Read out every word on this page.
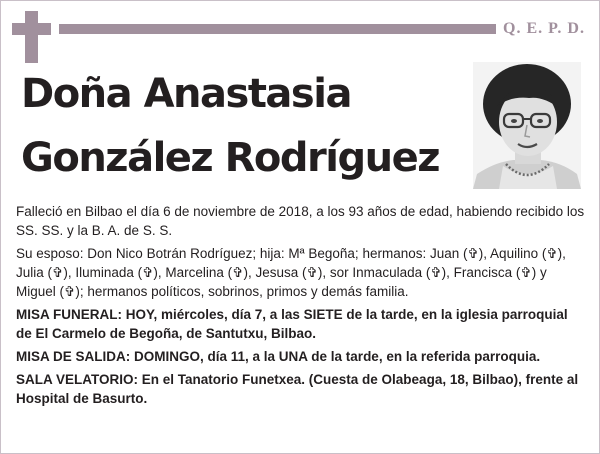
Q. E. P. D.
Doña Anastasia
González Rodríguez

Falleció en Bilbao el día 6 de noviembre de 2018, a los 93 años de edad, habiendo recibido los SS. SS. y la B. A. de S. S.

Su esposo: Don Nico Botrán Rodríguez; hija: Mª Begoña; hermanos: Juan (✞), Aquilino (✞), Julia (✞), Iluminada (✞), Marcelina (✞), Jesusa (✞), sor Inmaculada (✞), Francisca (✞) y Miguel (✞); hermanos políticos, sobrinos, primos y demás familia.

MISA FUNERAL: HOY, miércoles, día 7, a las SIETE de la tarde, en la iglesia parroquial de El Carmelo de Begoña, de Santutxu, Bilbao.

MISA DE SALIDA: DOMINGO, día 11, a la UNA de la tarde, en la referida parroquia.

SALA VELATORIO: En el Tanatorio Funetxea. (Cuesta de Olabeaga, 18, Bilbao), frente al Hospital de Basurto.
